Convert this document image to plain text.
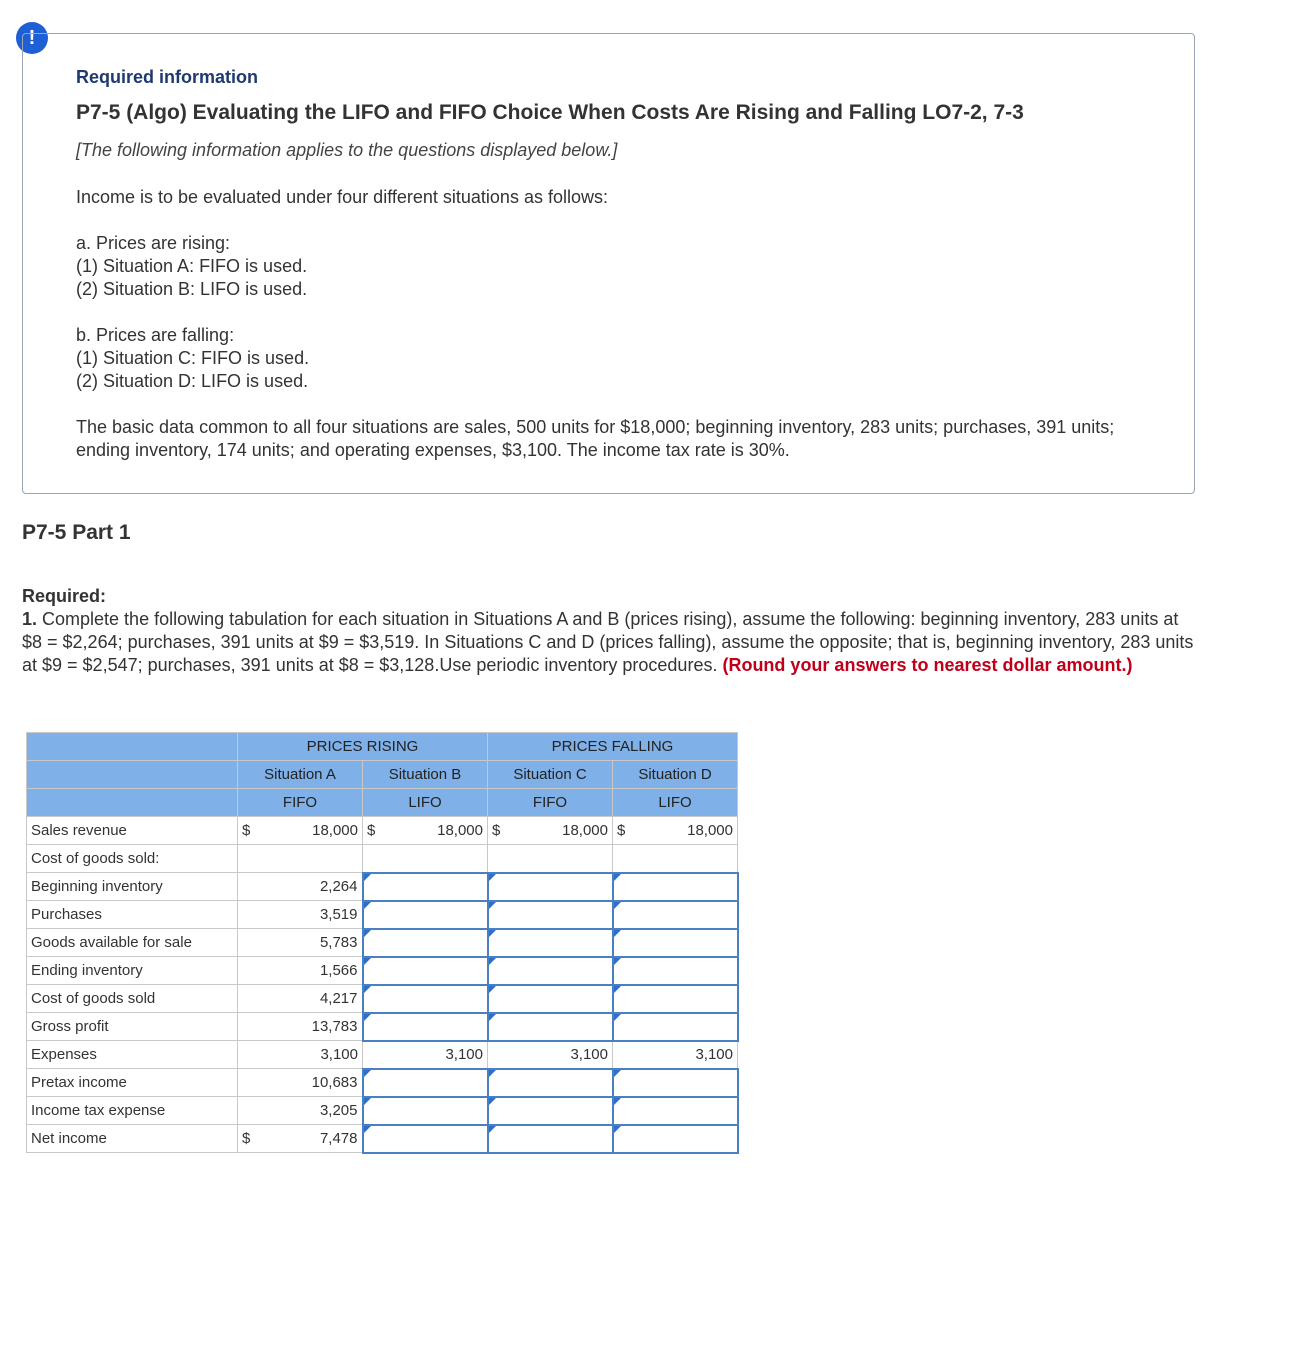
!
Required information
P7-5 (Algo) Evaluating the LIFO and FIFO Choice When Costs Are Rising and Falling LO7-2, 7-3
[The following information applies to the questions displayed below.]

Income is to be evaluated under four different situations as follows:

a. Prices are rising:
(1) Situation A: FIFO is used.
(2) Situation B: LIFO is used.

b. Prices are falling:
(1) Situation C: FIFO is used.
(2) Situation D: LIFO is used.

The basic data common to all four situations are sales, 500 units for $18,000; beginning inventory, 283 units; purchases, 391 units; ending inventory, 174 units; and operating expenses, $3,100. The income tax rate is 30%.

P7-5 Part 1
Required:
1. Complete the following tabulation for each situation in Situations A and B (prices rising), assume the following: beginning inventory, 283 units at $8 = $2,264; purchases, 391 units at $9 = $3,519. In Situations C and D (prices falling), assume the opposite; that is, beginning inventory, 283 units at $9 = $2,547; purchases, 391 units at $8 = $3,128.Use periodic inventory procedures. (Round your answers to nearest dollar amount.)
	PRICES RISING				PRICES FALLING			
	Situation A		Situation B		Situation C		Situation D	
	FIFO		LIFO		FIFO		LIFO	
Sales revenue	$	18,000	$	18,000	$	18,000	$	18,000
Cost of goods sold:								
Beginning inventory	2,264							
Purchases	3,519							
Goods available for sale	5,783							
Ending inventory	1,566							
Cost of goods sold	4,217							
Gross profit	13,783							
Expenses	3,100		3,100		3,100		3,100	
Pretax income	10,683							
Income tax expense	3,205							
Net income	$	7,478						
